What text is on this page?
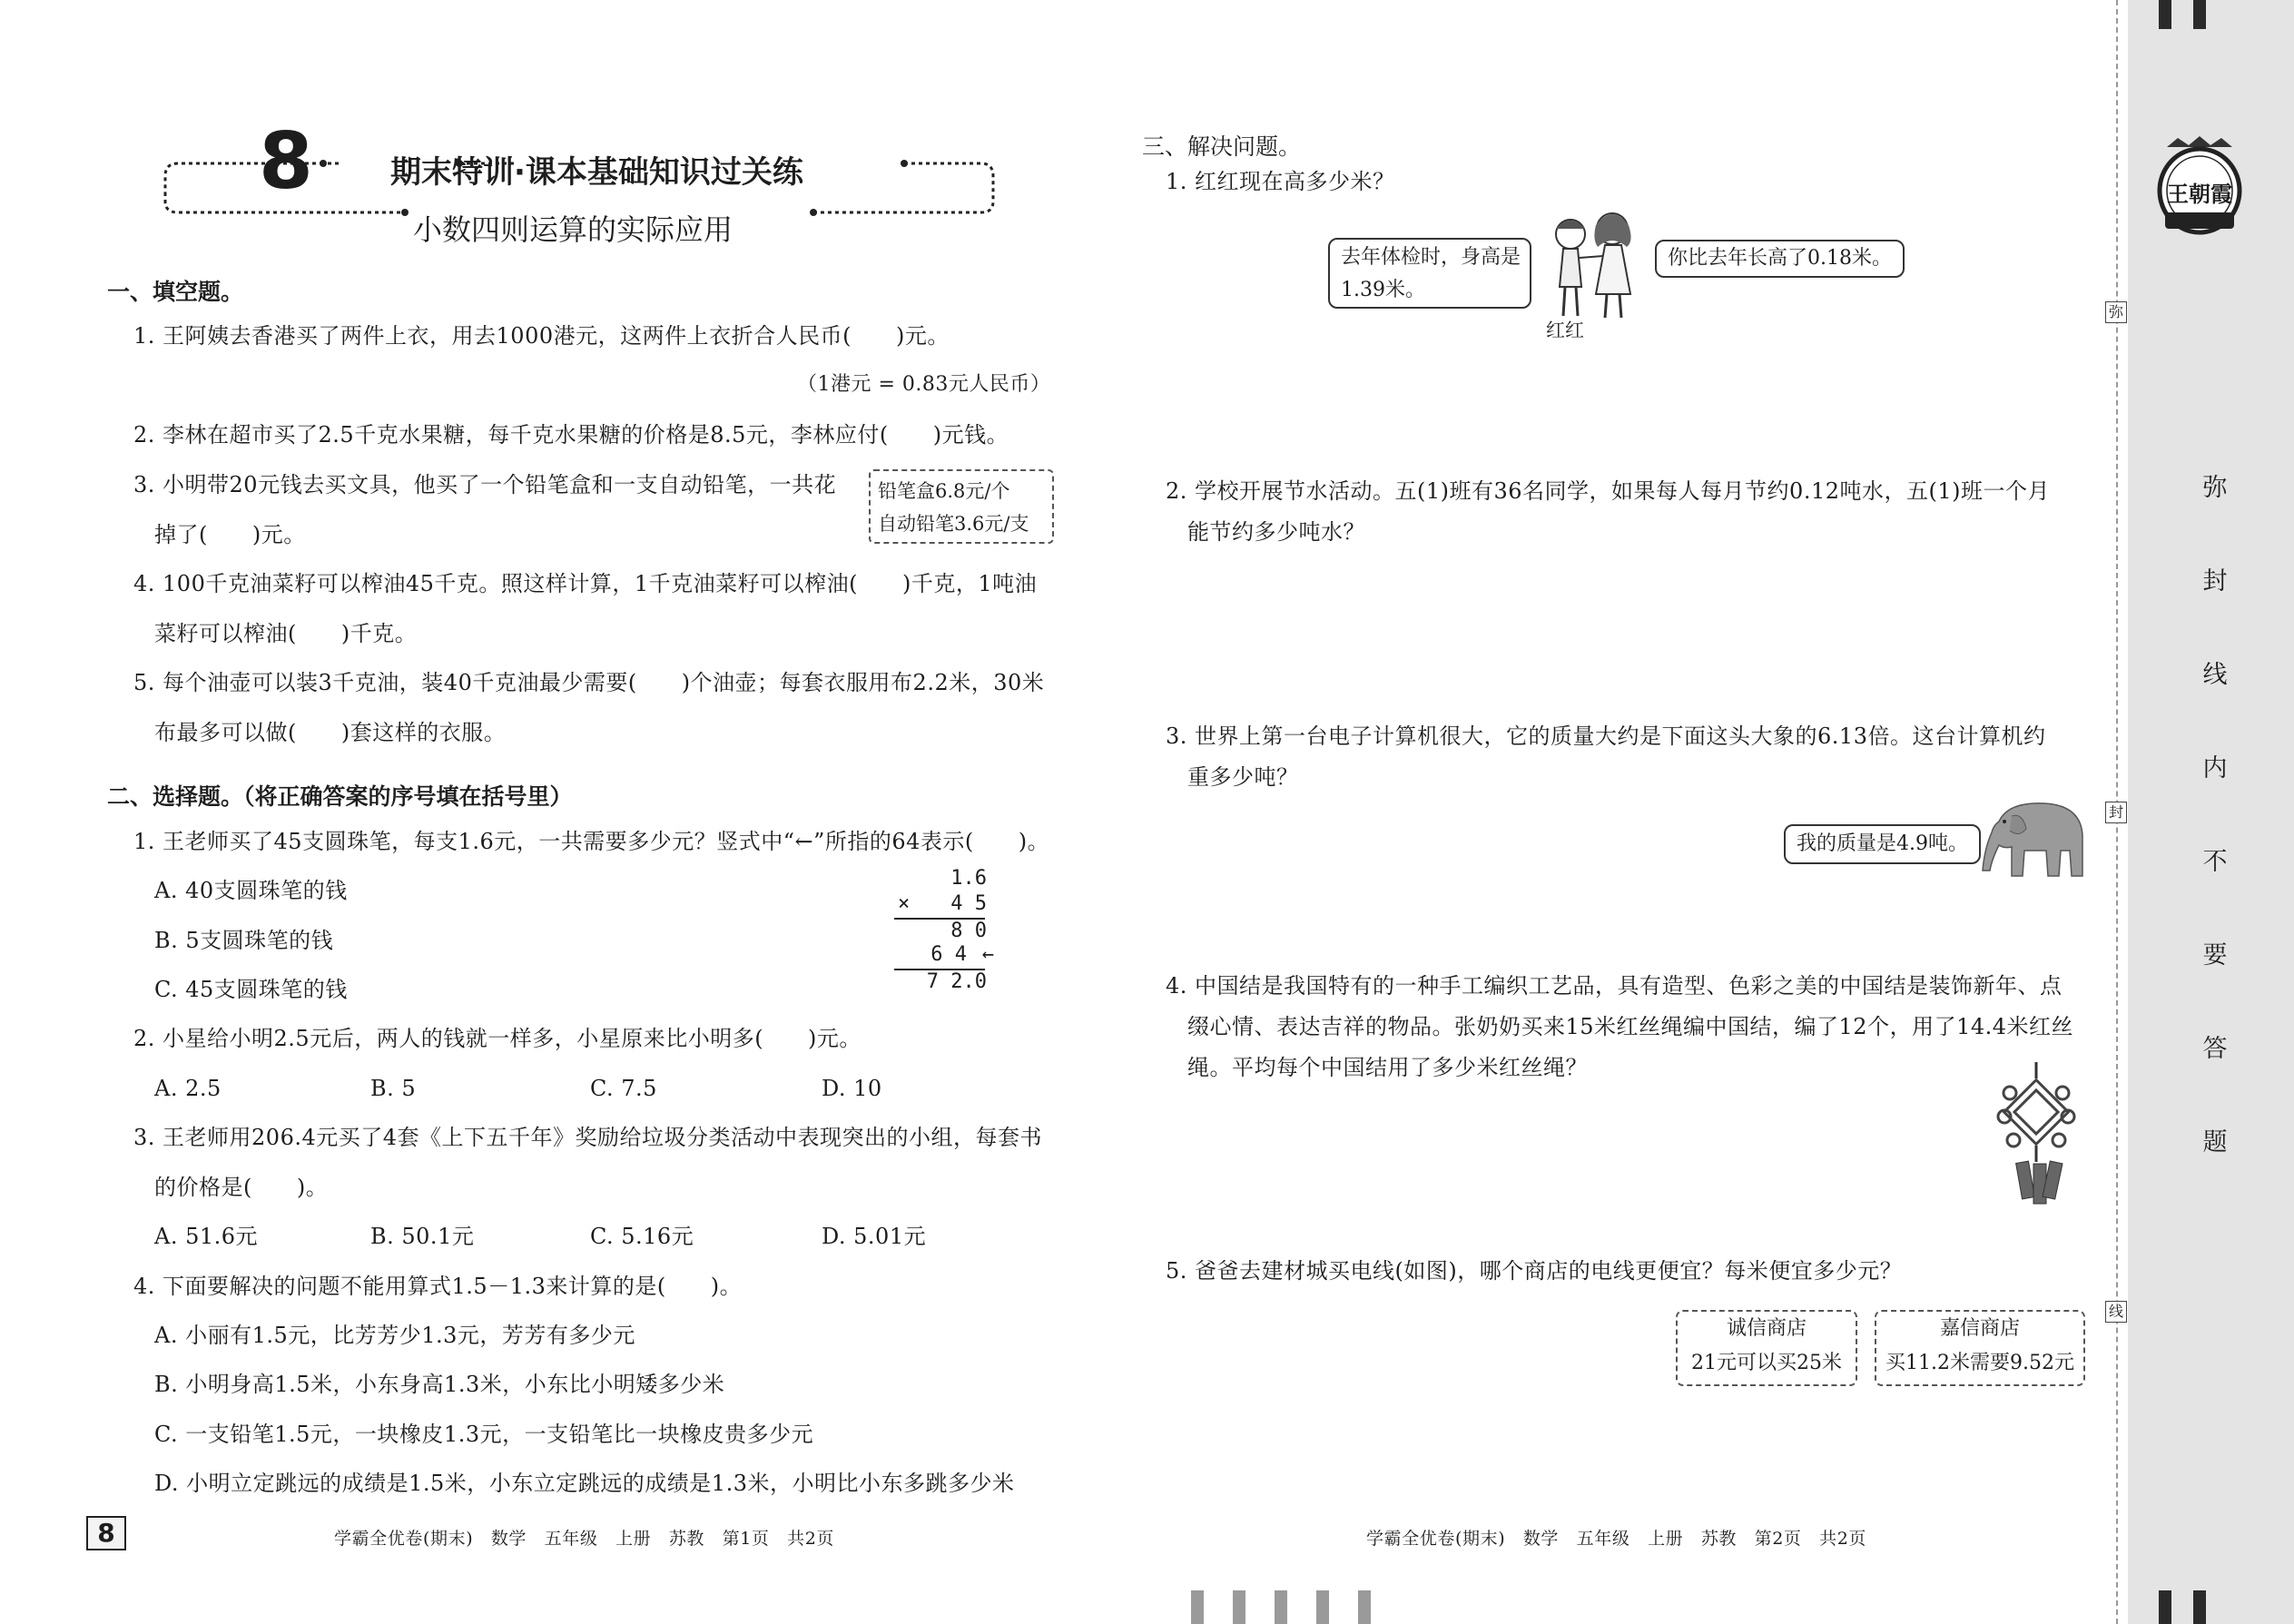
8	期末特训·课本基础知识过关练
小数四则运算的实际应用
一、填空题。
1. 王阿姨去香港买了两件上衣，用去1000港元，这两件上衣折合人民币(　　)元。
（1港元 = 0.83元人民币）
2. 李林在超市买了2.5千克水果糖，每千克水果糖的价格是8.5元，李林应付(　　)元钱。
3. 小明带20元钱去买文具，他买了一个铅笔盒和一支自动铅笔，一共花
掉了(　　)元。
铅笔盒6.8元/个
自动铅笔3.6元/支
4. 100千克油菜籽可以榨油45千克。照这样计算，1千克油菜籽可以榨油(　　)千克，1吨油
菜籽可以榨油(　　)千克。
5. 每个油壶可以装3千克油，装40千克油最少需要(　　)个油壶；每套衣服用布2.2米，30米
布最多可以做(　　)套这样的衣服。
二、选择题。（将正确答案的序号填在括号里）
1. 王老师买了45支圆珠笔，每支1.6元，一共需要多少元？竖式中“←”所指的64表示(　　)。
A. 40支圆珠笔的钱
B. 5支圆珠笔的钱
C. 45支圆珠笔的钱
1.6
× 4 5
8 0
6 4 ←
7 2.0
2. 小星给小明2.5元后，两人的钱就一样多，小星原来比小明多(　　)元。
A. 2.5	B. 5	C. 7.5	D. 10
3. 王老师用206.4元买了4套《上下五千年》奖励给垃圾分类活动中表现突出的小组，每套书
的价格是(　　)。
A. 51.6元	B. 50.1元	C. 5.16元	D. 5.01元
4. 下面要解决的问题不能用算式1.5－1.3来计算的是(　　)。
A. 小丽有1.5元，比芳芳少1.3元，芳芳有多少元
B. 小明身高1.5米，小东身高1.3米，小东比小明矮多少米
C. 一支铅笔1.5元，一块橡皮1.3元，一支铅笔比一块橡皮贵多少元
D. 小明立定跳远的成绩是1.5米，小东立定跳远的成绩是1.3米，小明比小东多跳多少米
8	学霸全优卷(期末)　数学　五年级　上册　苏教　第1页　共2页
三、解决问题。
1. 红红现在高多少米？
去年体检时，身高是
1.39米。
红红
你比去年长高了0.18米。
2. 学校开展节水活动。五(1)班有36名同学，如果每人每月节约0.12吨水，五(1)班一个月
能节约多少吨水？
3. 世界上第一台电子计算机很大，它的质量大约是下面这头大象的6.13倍。这台计算机约
重多少吨？
我的质量是4.9吨。
4. 中国结是我国特有的一种手工编织工艺品，具有造型、色彩之美的中国结是装饰新年、点
缀心情、表达吉祥的物品。张奶奶买来15米红丝绳编中国结，编了12个，用了14.4米红丝
绳。平均每个中国结用了多少米红丝绳？
5. 爸爸去建材城买电线(如图)，哪个商店的电线更便宜？每米便宜多少元？
诚信商店
21元可以买25米
嘉信商店
买11.2米需要9.52元
学霸全优卷(期末)　数学　五年级　上册　苏教　第2页　共2页
弥
封
线
王朝霞
弥
封
线
内
不
要
答
题
